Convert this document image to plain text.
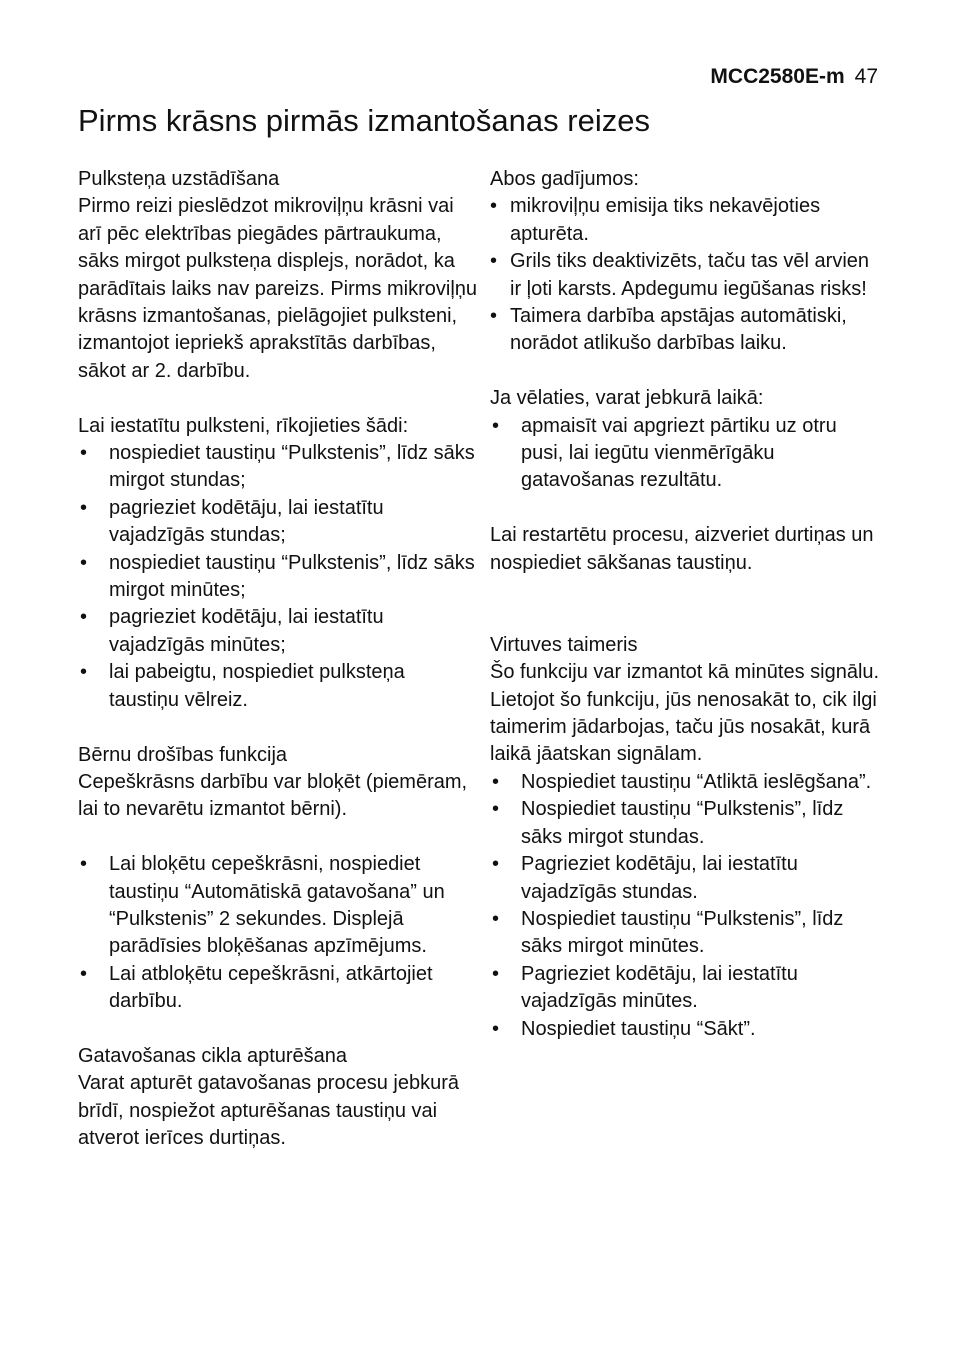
MCC2580E-m 47
Pirms krāsns pirmās izmantošanas reizes

Pulksteņa uzstādīšana

Pirmo reizi pieslēdzot mikroviļņu krāsni vai arī pēc elektrības piegādes pārtraukuma, sāks mirgot pulksteņa displejs, norādot, ka parādītais laiks nav pareizs. Pirms mikroviļņu krāsns izmantošanas, pielāgojiet pulksteni, izmantojot iepriekš aprakstītās darbības, sākot ar 2. darbību.

Lai iestatītu pulksteni, rīkojieties šādi:

• nospiediet taustiņu “Pulkstenis”, līdz sāks mirgot stundas;
• pagrieziet kodētāju, lai iestatītu vajadzīgās stundas;
• nospiediet taustiņu “Pulkstenis”, līdz sāks mirgot minūtes;
• pagrieziet kodētāju, lai iestatītu vajadzīgās minūtes;
• lai pabeigtu, nospiediet pulksteņa taustiņu vēlreiz.

Bērnu drošības funkcija

Cepeškrāsns darbību var bloķēt (piemēram, lai to nevarētu izmantot bērni).

• Lai bloķētu cepeškrāsni, nospiediet taustiņu “Automātiskā gatavošana” un “Pulkstenis” 2 sekundes. Displejā parādīsies bloķēšanas apzīmējums.
• Lai atbloķētu cepeškrāsni, atkārtojiet darbību.

Gatavošanas cikla apturēšana

Varat apturēt gatavošanas procesu jebkurā brīdī, nospiežot apturēšanas taustiņu vai atverot ierīces durtiņas.

Abos gadījumos:

• mikroviļņu emisija tiks nekavējoties apturēta.
• Grils tiks deaktivizēts, taču tas vēl arvien ir ļoti karsts. Apdegumu iegūšanas risks!
• Taimera darbība apstājas automātiski, norādot atlikušo darbības laiku.

Ja vēlaties, varat jebkurā laikā:

• apmaisīt vai apgriezt pārtiku uz otru pusi, lai iegūtu vienmērīgāku gatavošanas rezultātu.

Lai restartētu procesu, aizveriet durtiņas un nospiediet sākšanas taustiņu.

Virtuves taimeris

Šo funkciju var izmantot kā minūtes signālu. Lietojot šo funkciju, jūs nenosakāt to, cik ilgi taimerim jādarbojas, taču jūs nosakāt, kurā laikā jāatskan signālam.

• Nospiediet taustiņu “Atliktā ieslēgšana”.
• Nospiediet taustiņu “Pulkstenis”, līdz sāks mirgot stundas.
• Pagrieziet kodētāju, lai iestatītu vajadzīgās stundas.
• Nospiediet taustiņu “Pulkstenis”, līdz sāks mirgot minūtes.
• Pagrieziet kodētāju, lai iestatītu vajadzīgās minūtes.
• Nospiediet taustiņu “Sākt”.
